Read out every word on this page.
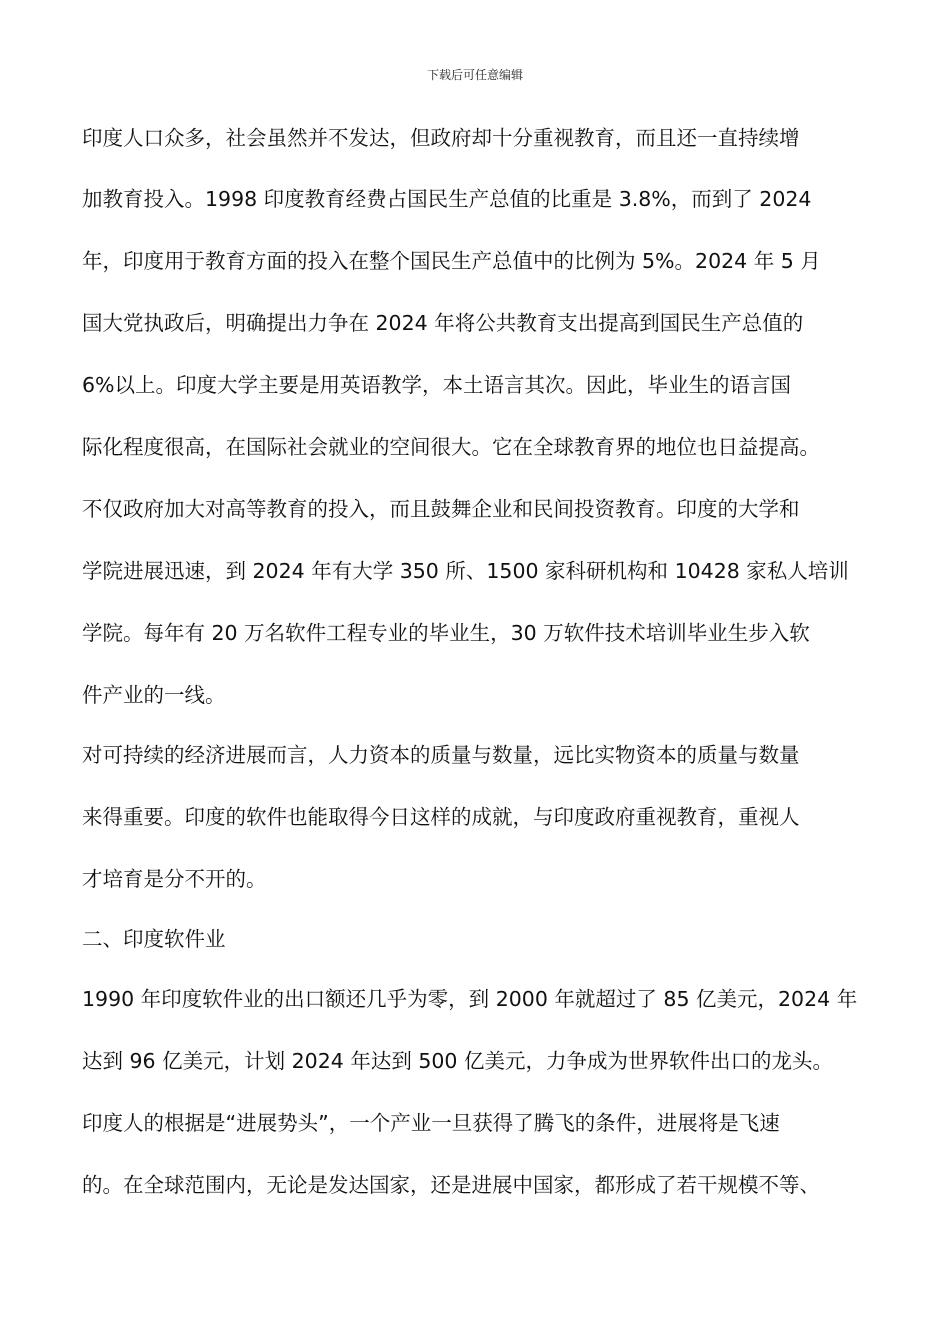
下载后可任意编辑
印度人口众多，社会虽然并不发达，但政府却十分重视教育，而且还一直持续增
加教育投入。1998 印度教育经费占国民生产总值的比重是 3.8%，而到了 2024
年，印度用于教育方面的投入在整个国民生产总值中的比例为 5%。2024 年 5 月
国大党执政后，明确提出力争在 2024 年将公共教育支出提高到国民生产总值的
6%以上。印度大学主要是用英语教学，本土语言其次。因此，毕业生的语言国
际化程度很高，在国际社会就业的空间很大。它在全球教育界的地位也日益提高。
不仅政府加大对高等教育的投入，而且鼓舞企业和民间投资教育。印度的大学和
学院进展迅速，到 2024 年有大学 350 所、1500 家科研机构和 10428 家私人培训
学院。每年有 20 万名软件工程专业的毕业生，30 万软件技术培训毕业生步入软
件产业的一线。
对可持续的经济进展而言，人力资本的质量与数量，远比实物资本的质量与数量
来得重要。印度的软件也能取得今日这样的成就，与印度政府重视教育，重视人
才培育是分不开的。
二、印度软件业
1990 年印度软件业的出口额还几乎为零，到 2000 年就超过了 85 亿美元，2024 年
达到 96 亿美元，计划 2024 年达到 500 亿美元，力争成为世界软件出口的龙头。
印度人的根据是“进展势头”，一个产业一旦获得了腾飞的条件，进展将是飞速
的。在全球范围内，无论是发达国家，还是进展中国家，都形成了若干规模不等、
